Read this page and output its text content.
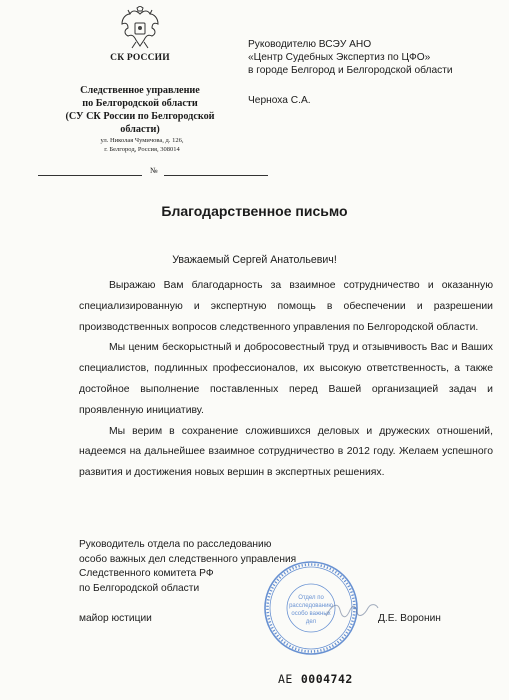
СК РОССИИ
Следственное управление
по Белгородской области
(СУ СК России по Белгородской
области)
ул. Николая Чумичова, д. 126,
г. Белгород, Россия, 308014
№
Руководителю ВСЭУ АНО
«Центр Судебных Экспертиз по ЦФО»
в городе Белгород и Белгородской области
Черноха С.А.
Благодарственное письмо
Уважаемый Сергей Анатольевич!

Выражаю Вам благодарность за взаимное сотрудничество и оказанную специализированную и экспертную помощь в обеспечении и разрешении производственных вопросов следственного управления по Белгородской области.

Мы ценим бескорыстный и добросовестный труд и отзывчивость Вас и Ваших специалистов, подлинных профессионалов, их высокую ответственность, а также достойное выполнение поставленных перед Вашей организацией задач и проявленную инициативу.

Мы верим в сохранение сложившихся деловых и дружеских отношений, надеемся на дальнейшее взаимное сотрудничество в 2012 году. Желаем успешного развития и достижения новых вершин в экспертных решениях.

Руководитель отдела по расследованию
особо важных дел следственного управления
Следственного комитета РФ
по Белгородской области
майор юстиции	Д.Е. Воронин
Отдел по
расследованию
особо важных
дел
АЕ 0004742
